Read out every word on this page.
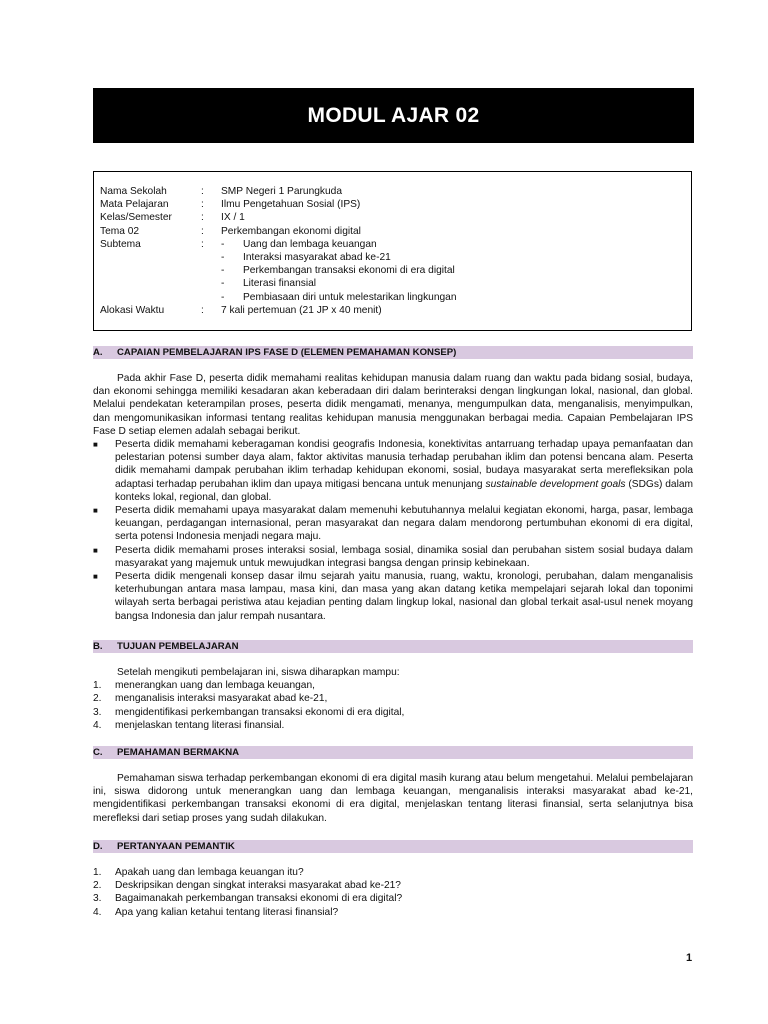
MODUL AJAR 02
Nama Sekolah	: SMP Negeri 1 Parungkuda
Mata Pelajaran	: Ilmu Pengetahuan Sosial (IPS)
Kelas/Semester	: IX / 1
Tema 02	: Perkembangan ekonomi digital
Subtema	: - Uang dan lembaga keuangan
- Interaksi masyarakat abad ke-21
- Perkembangan transaksi ekonomi di era digital
- Literasi finansial
- Pembiasaan diri untuk melestarikan lingkungan
Alokasi Waktu	: 7 kali pertemuan (21 JP x 40 menit)
A. CAPAIAN PEMBELAJARAN IPS FASE D (ELEMEN PEMAHAMAN KONSEP)

Pada akhir Fase D, peserta didik memahami realitas kehidupan manusia dalam ruang dan waktu pada bidang sosial, budaya, dan ekonomi sehingga memiliki kesadaran akan keberadaan diri dalam berinteraksi dengan lingkungan lokal, nasional, dan global. Melalui pendekatan keterampilan proses, peserta didik mengamati, menanya, mengumpulkan data, menganalisis, menyimpulkan, dan mengomunikasikan informasi tentang realitas kehidupan manusia menggunakan berbagai media. Capaian Pembelajaran IPS Fase D setiap elemen adalah sebagai berikut.

■ Peserta didik memahami keberagaman kondisi geografis Indonesia, konektivitas antarruang terhadap upaya pemanfaatan dan pelestarian potensi sumber daya alam, faktor aktivitas manusia terhadap perubahan iklim dan potensi bencana alam. Peserta didik memahami dampak perubahan iklim terhadap kehidupan ekonomi, sosial, budaya masyarakat serta merefleksikan pola adaptasi terhadap perubahan iklim dan upaya mitigasi bencana untuk menunjang sustainable development goals (SDGs) dalam konteks lokal, regional, dan global.
■ Peserta didik memahami upaya masyarakat dalam memenuhi kebutuhannya melalui kegiatan ekonomi, harga, pasar, lembaga keuangan, perdagangan internasional, peran masyarakat dan negara dalam mendorong pertumbuhan ekonomi di era digital, serta potensi Indonesia menjadi negara maju.
■ Peserta didik memahami proses interaksi sosial, lembaga sosial, dinamika sosial dan perubahan sistem sosial budaya dalam masyarakat yang majemuk untuk mewujudkan integrasi bangsa dengan prinsip kebinekaan.
■ Peserta didik mengenali konsep dasar ilmu sejarah yaitu manusia, ruang, waktu, kronologi, perubahan, dalam menganalisis keterhubungan antara masa lampau, masa kini, dan masa yang akan datang ketika mempelajari sejarah lokal dan toponimi wilayah serta berbagai peristiwa atau kejadian penting dalam lingkup lokal, nasional dan global terkait asal-usul nenek moyang bangsa Indonesia dan jalur rempah nusantara.
B. TUJUAN PEMBELAJARAN

Setelah mengikuti pembelajaran ini, siswa diharapkan mampu:

1. menerangkan uang dan lembaga keuangan,
2. menganalisis interaksi masyarakat abad ke-21,
3. mengidentifikasi perkembangan transaksi ekonomi di era digital,
4. menjelaskan tentang literasi finansial.
C. PEMAHAMAN BERMAKNA

Pemahaman siswa terhadap perkembangan ekonomi di era digital masih kurang atau belum mengetahui. Melalui pembelajaran ini, siswa didorong untuk menerangkan uang dan lembaga keuangan, menganalisis interaksi masyarakat abad ke-21, mengidentifikasi perkembangan transaksi ekonomi di era digital, menjelaskan tentang literasi finansial, serta selanjutnya bisa merefleksi dari setiap proses yang sudah dilakukan.

D. PERTANYAAN PEMANTIK
1. Apakah uang dan lembaga keuangan itu?
2. Deskripsikan dengan singkat interaksi masyarakat abad ke-21?
3. Bagaimanakah perkembangan transaksi ekonomi di era digital?
4. Apa yang kalian ketahui tentang literasi finansial?
1
